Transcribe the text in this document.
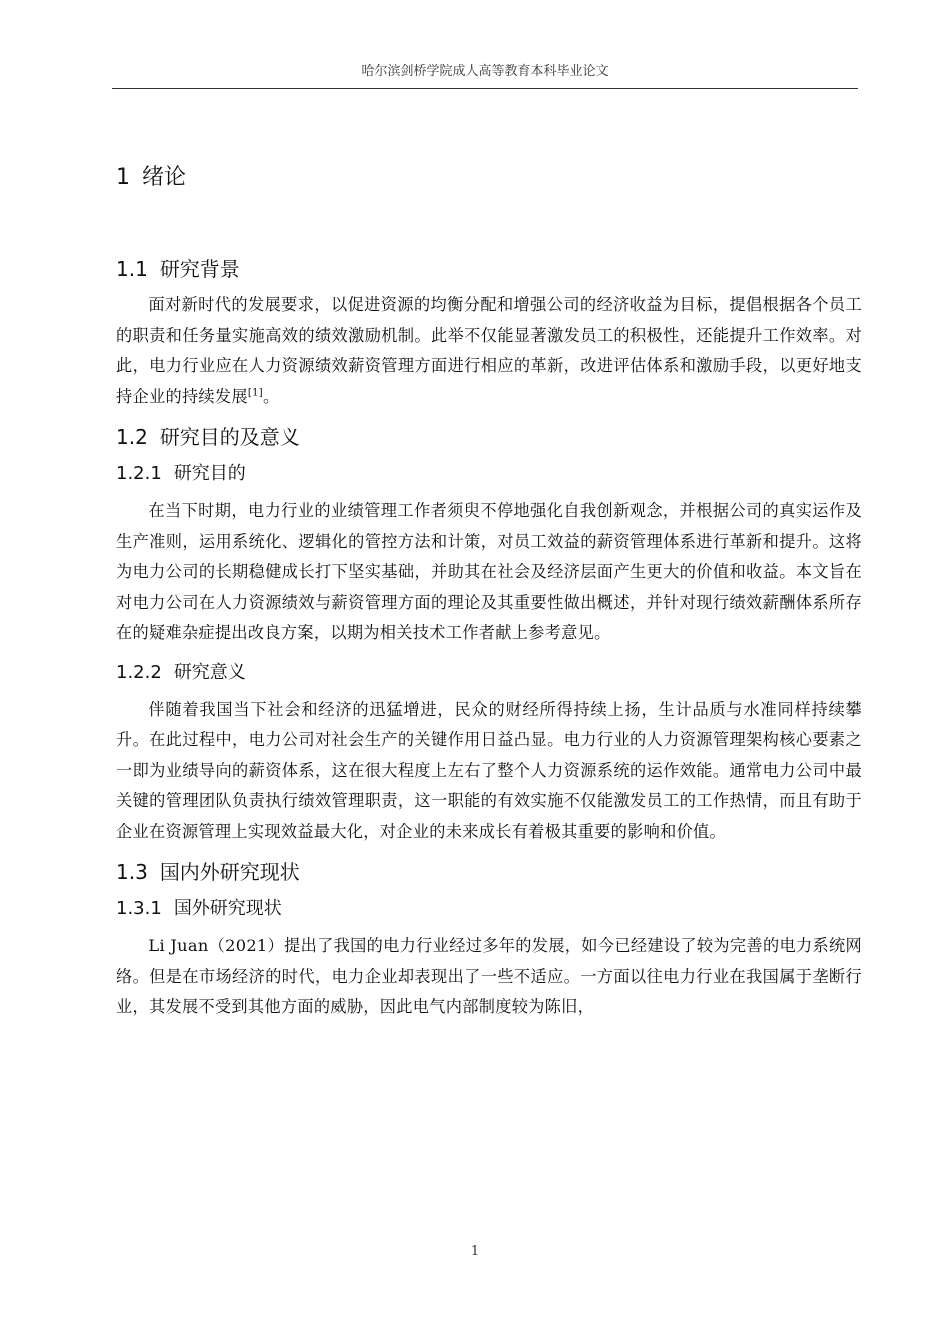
哈尔滨剑桥学院成人高等教育本科毕业论文
1 绪论
1.1 研究背景

面对新时代的发展要求，以促进资源的均衡分配和增强公司的经济收益为目标，提倡根据各个员工的职责和任务量实施高效的绩效激励机制。此举不仅能显著激发员工的积极性，还能提升工作效率。对此，电力行业应在人力资源绩效薪资管理方面进行相应的革新，改进评估体系和激励手段，以更好地支持企业的持续发展[1]。

1.2 研究目的及意义
1.2.1 研究目的

在当下时期，电力行业的业绩管理工作者须臾不停地强化自我创新观念，并根据公司的真实运作及生产准则，运用系统化、逻辑化的管控方法和计策，对员工效益的薪资管理体系进行革新和提升。这将为电力公司的长期稳健成长打下坚实基础，并助其在社会及经济层面产生更大的价值和收益。本文旨在对电力公司在人力资源绩效与薪资管理方面的理论及其重要性做出概述，并针对现行绩效薪酬体系所存在的疑难杂症提出改良方案，以期为相关技术工作者献上参考意见。

1.2.2 研究意义

伴随着我国当下社会和经济的迅猛增进，民众的财经所得持续上扬，生计品质与水准同样持续攀升。在此过程中，电力公司对社会生产的关键作用日益凸显。电力行业的人力资源管理架构核心要素之一即为业绩导向的薪资体系，这在很大程度上左右了整个人力资源系统的运作效能。通常电力公司中最关键的管理团队负责执行绩效管理职责，这一职能的有效实施不仅能激发员工的工作热情，而且有助于企业在资源管理上实现效益最大化，对企业的未来成长有着极其重要的影响和价值。

1.3 国内外研究现状
1.3.1 国外研究现状

Li Juan（2021）提出了我国的电力行业经过多年的发展，如今已经建设了较为完善的电力系统网络。但是在市场经济的时代，电力企业却表现出了一些不适应。一方面以往电力行业在我国属于垄断行业，其发展不受到其他方面的威胁，因此电气内部制度较为陈旧，

1
